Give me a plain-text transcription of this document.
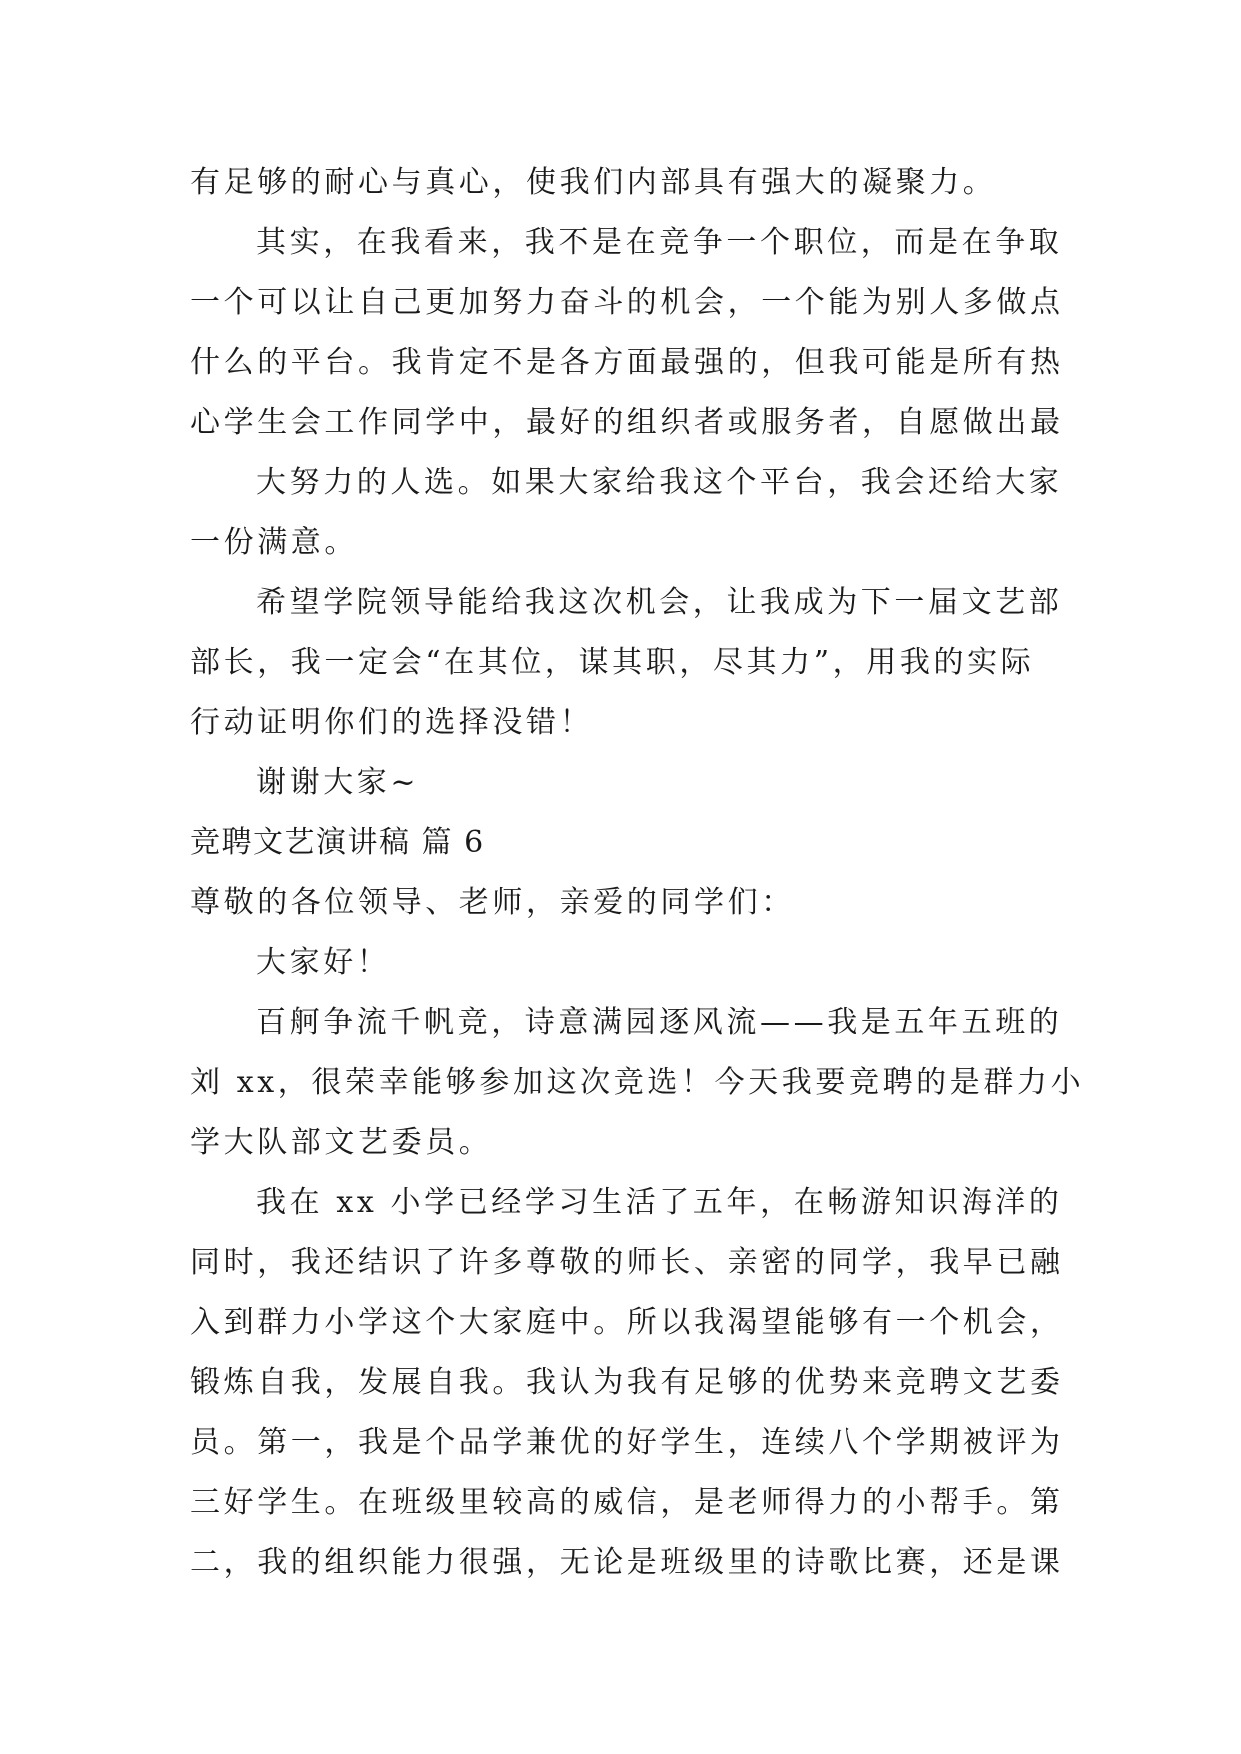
有足够的耐心与真心，使我们内部具有强大的凝聚力。
其实，在我看来，我不是在竞争一个职位，而是在争取
一个可以让自己更加努力奋斗的机会，一个能为别人多做点
什么的平台。我肯定不是各方面最强的，但我可能是所有热
心学生会工作同学中，最好的组织者或服务者，自愿做出最
大努力的人选。如果大家给我这个平台，我会还给大家
一份满意。
希望学院领导能给我这次机会，让我成为下一届文艺部
部长，我一定会“在其位，谋其职，尽其力”，用我的实际
行动证明你们的选择没错！
谢谢大家~
竞聘文艺演讲稿 篇 6
尊敬的各位领导、老师，亲爱的同学们：
大家好！
百舸争流千帆竞，诗意满园逐风流——我是五年五班的
刘 xx，很荣幸能够参加这次竞选！今天我要竞聘的是群力小
学大队部文艺委员。
我在 xx 小学已经学习生活了五年，在畅游知识海洋的
同时，我还结识了许多尊敬的师长、亲密的同学，我早已融
入到群力小学这个大家庭中。所以我渴望能够有一个机会，
锻炼自我，发展自我。我认为我有足够的优势来竞聘文艺委
员。第一，我是个品学兼优的好学生，连续八个学期被评为
三好学生。在班级里较高的威信，是老师得力的小帮手。第
二，我的组织能力很强，无论是班级里的诗歌比赛，还是课
